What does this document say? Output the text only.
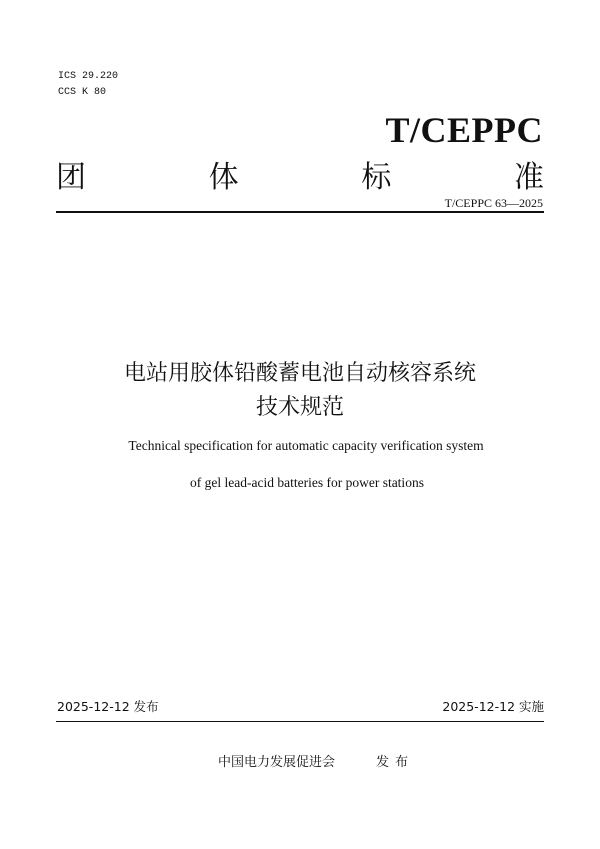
ICS 29.220
CCS K 80
T/CEPPC
团	体	标	准
T/CEPPC 63—2025
电站用胶体铅酸蓄电池自动核容系统
技术规范
Technical specification for automatic capacity verification system
of gel lead-acid batteries for power stations
2025-12-12 发布	2025-12-12 实施
中国电力发展促进会	发布
